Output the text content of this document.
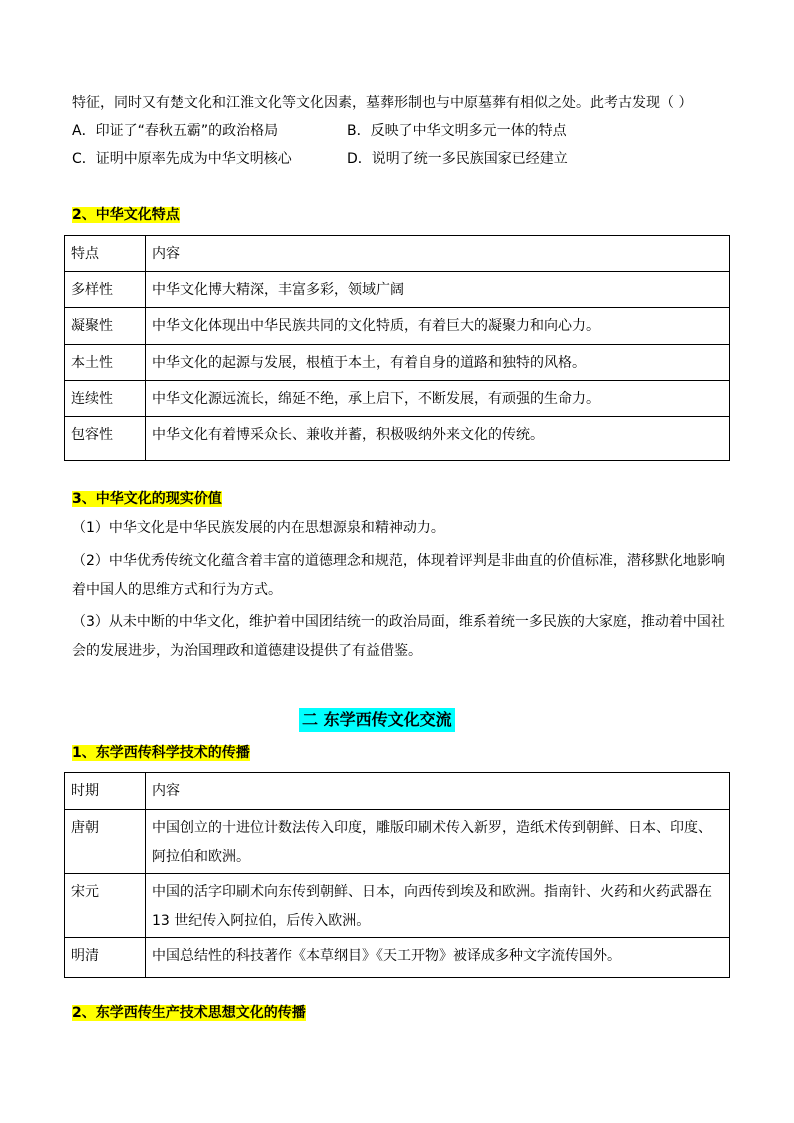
特征，同时又有楚文化和江淮文化等文化因素，墓葬形制也与中原墓葬有相似之处。此考古发现（ ）
A．印证了“春秋五霸”的政治格局	B．反映了中华文明多元一体的特点
C．证明中原率先成为中华文明核心	D．说明了统一多民族国家已经建立
2、中华文化特点
特点	内容
多样性	中华文化博大精深，丰富多彩，领域广阔
凝聚性	中华文化体现出中华民族共同的文化特质，有着巨大的凝聚力和向心力。
本土性	中华文化的起源与发展，根植于本土，有着自身的道路和独特的风格。
连续性	中华文化源远流长，绵延不绝，承上启下，不断发展，有顽强的生命力。
包容性	中华文化有着博采众长、兼收并蓄，积极吸纳外来文化的传统。
3、中华文化的现实价值
（1）中华文化是中华民族发展的内在思想源泉和精神动力。
（2）中华优秀传统文化蕴含着丰富的道德理念和规范，体现着评判是非曲直的价值标准，潜移默化地影响着中国人的思维方式和行为方式。
（3）从未中断的中华文化，维护着中国团结统一的政治局面，维系着统一多民族的大家庭，推动着中国社会的发展进步，为治国理政和道德建设提供了有益借鉴。
二 东学西传文化交流
1、东学西传科学技术的传播
时期	内容
唐朝	中国创立的十进位计数法传入印度，雕版印刷术传入新罗，造纸术传到朝鲜、日本、印度、阿拉伯和欧洲。
宋元	中国的活字印刷术向东传到朝鲜、日本，向西传到埃及和欧洲。指南针、火药和火药武器在 13 世纪传入阿拉伯，后传入欧洲。
明清	中国总结性的科技著作《本草纲目》《天工开物》被译成多种文字流传国外。
2、东学西传生产技术思想文化的传播
